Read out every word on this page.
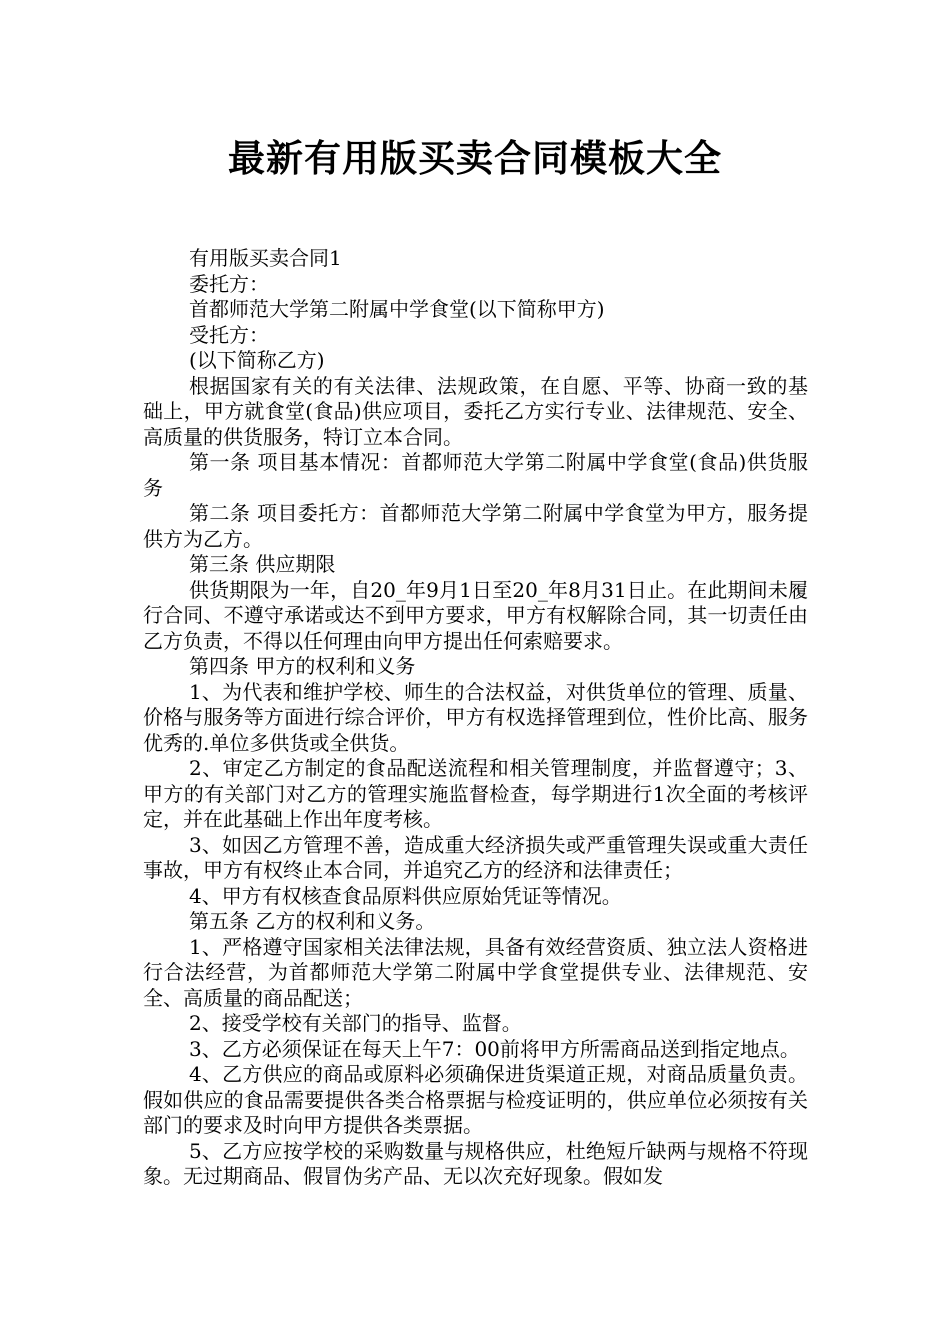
最新有用版买卖合同模板大全

有用版买卖合同1

委托方：

首都师范大学第二附属中学食堂(以下简称甲方)

受托方：

(以下简称乙方)

根据国家有关的有关法律、法规政策，在自愿、平等、协商一致的基础上，甲方就食堂(食品)供应项目，委托乙方实行专业、法律规范、安全、高质量的供货服务，特订立本合同。

第一条 项目基本情况：首都师范大学第二附属中学食堂(食品)供货服务

第二条 项目委托方：首都师范大学第二附属中学食堂为甲方，服务提供方为乙方。

第三条 供应期限

供货期限为一年，自20_年9月1日至20_年8月31日止。在此期间未履行合同、不遵守承诺或达不到甲方要求，甲方有权解除合同，其一切责任由乙方负责，不得以任何理由向甲方提出任何索赔要求。

第四条 甲方的权利和义务

1、为代表和维护学校、师生的合法权益，对供货单位的管理、质量、价格与服务等方面进行综合评价，甲方有权选择管理到位，性价比高、服务优秀的.单位多供货或全供货。

2、审定乙方制定的食品配送流程和相关管理制度，并监督遵守；3、甲方的有关部门对乙方的管理实施监督检查，每学期进行1次全面的考核评定，并在此基础上作出年度考核。

3、如因乙方管理不善，造成重大经济损失或严重管理失误或重大责任事故，甲方有权终止本合同，并追究乙方的经济和法律责任；

4、甲方有权核查食品原料供应原始凭证等情况。

第五条 乙方的权利和义务。

1、严格遵守国家相关法律法规，具备有效经营资质、独立法人资格进行合法经营，为首都师范大学第二附属中学食堂提供专业、法律规范、安全、高质量的商品配送；

2、接受学校有关部门的指导、监督。

3、乙方必须保证在每天上午7：00前将甲方所需商品送到指定地点。

4、乙方供应的商品或原料必须确保进货渠道正规，对商品质量负责。假如供应的食品需要提供各类合格票据与检疫证明的，供应单位必须按有关部门的要求及时向甲方提供各类票据。

5、乙方应按学校的采购数量与规格供应，杜绝短斤缺两与规格不符现象。无过期商品、假冒伪劣产品、无以次充好现象。假如发
